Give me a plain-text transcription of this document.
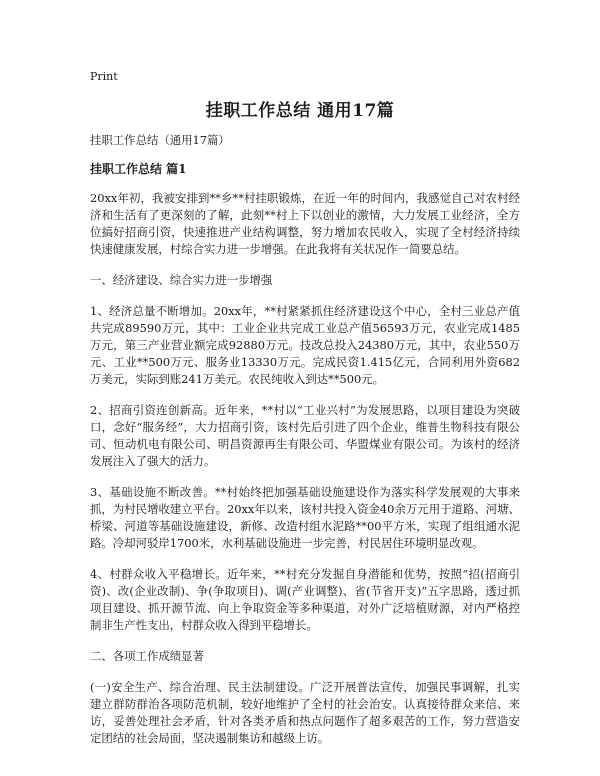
Print
挂职工作总结 通用17篇

挂职工作总结（通用17篇）

挂职工作总结 篇1

20xx年初，我被安排到**乡**村挂职锻炼，在近一年的时间内，我感觉自己对农村经济和生活有了更深刻的了解，此刻**村上下以创业的激情，大力发展工业经济，全方位搞好招商引资，快速推进产业结构调整，努力增加农民收入，实现了全村经济持续快速健康发展，村综合实力进一步增强。在此我将有关状况作一简要总结。

一、经济建设、综合实力进一步增强

1、经济总量不断增加。20xx年，**村紧紧抓住经济建设这个中心，全村三业总产值共完成89590万元，其中：工业企业共完成工业总产值56593万元，农业完成1485万元，第三产业营业额完成92880万元。技改总投入24380万元，其中，农业550万元、工业**500万元、服务业13330万元。完成民资1.415亿元，合同利用外资682万美元，实际到账241万美元。农民纯收入到达**500元。

2、招商引资连创新高。近年来，**村以“工业兴村”为发展思路，以项目建设为突破口，念好“服务经”，大力招商引资，该村先后引进了四个企业，维普生物科技有限公司、恒动机电有限公司、明昌资源再生有限公司、华盟煤业有限公司。为该村的经济发展注入了强大的活力。

3、基础设施不断改善。**村始终把加强基础设施建设作为落实科学发展观的大事来抓，为村民增收建立平台。20xx年以来，该村共投入资金40余万元用于道路、河塘、桥梁、河道等基础设施建设，新修、改造村组水泥路**00平方米，实现了组组通水泥路。冷却河驳岸1700米，水利基础设施进一步完善，村民居住环境明显改观。

4、村群众收入平稳增长。近年来，**村充分发掘自身潜能和优势，按照“招(招商引资)、改(企业改制)、争(争取项目)、调(产业调整)、省(节省开支)”五字思路，透过抓项目建设、抓开源节流、向上争取资金等多种渠道，对外广泛培植财源，对内严格控制非生产性支出，村群众收入得到平稳增长。

二、各项工作成绩显著

(一)安全生产、综合治理、民主法制建设。广泛开展普法宣传，加强民事调解，扎实建立群防群治各项防范机制，较好地维护了全村的社会治安。认真接待群众来信、来访，妥善处理社会矛盾，针对各类矛盾和热点问题作了超多艰苦的工作，努力营造安定团结的社会局面，坚决遏制集访和越级上访。
